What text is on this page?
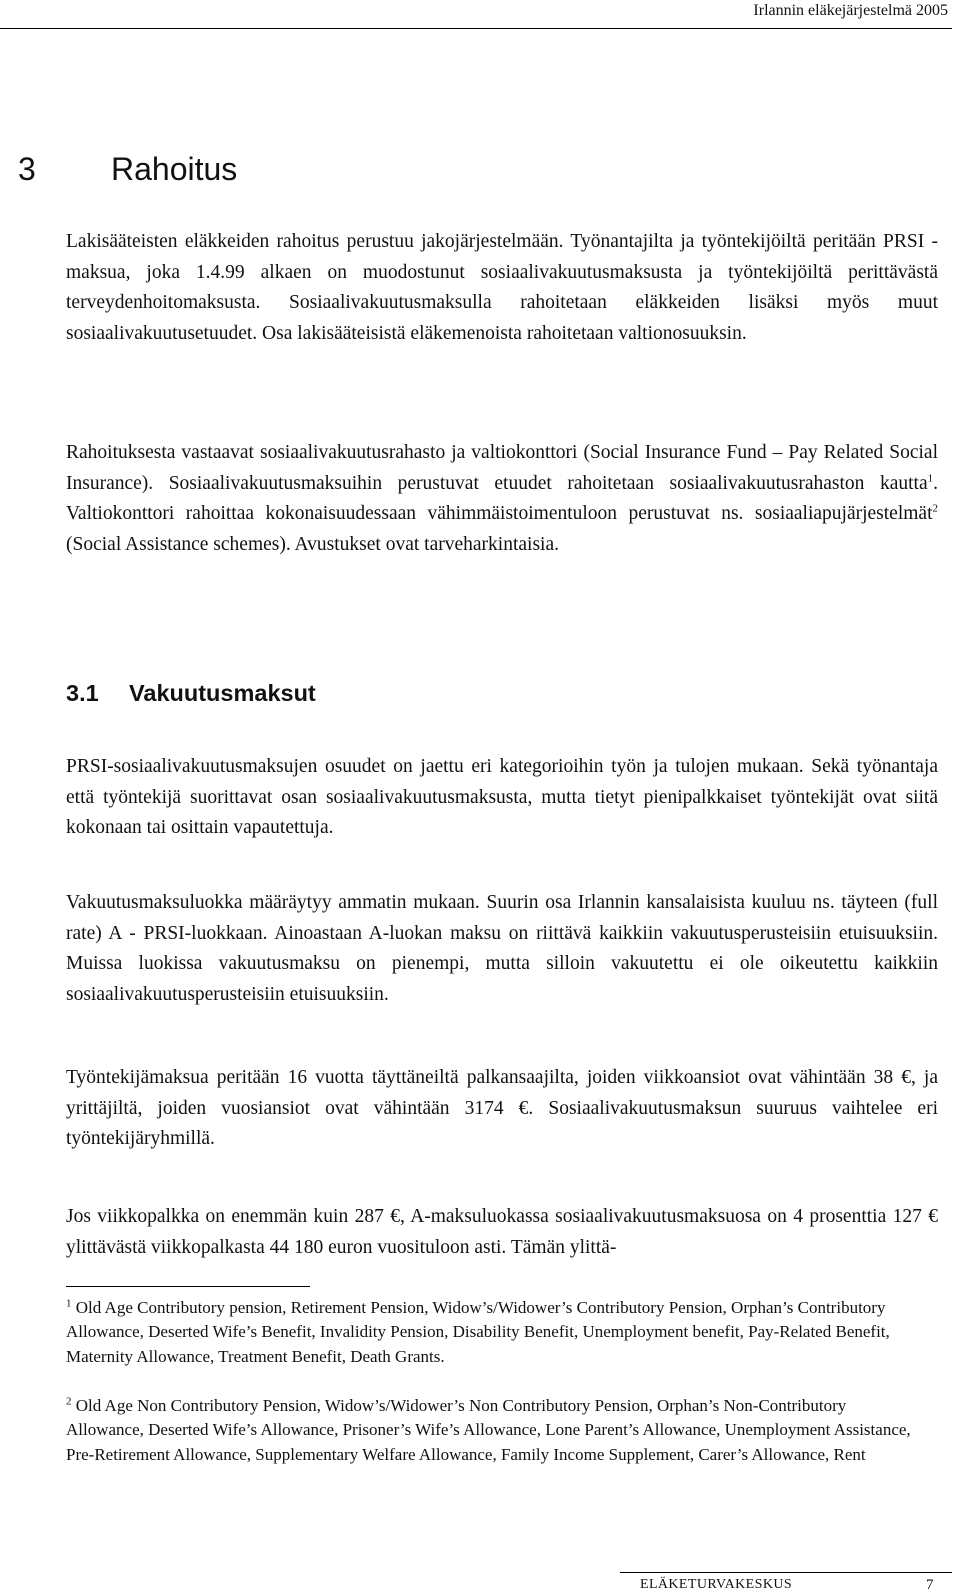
Irlannin eläkejärjestelmä 2005
3 Rahoitus

Lakisääteisten eläkkeiden rahoitus perustuu jakojärjestelmään. Työnantajilta ja työntekijöiltä peritään PRSI -maksua, joka 1.4.99 alkaen on muodostunut sosiaalivakuutusmaksusta ja työntekijöiltä perittävästä terveydenhoitomaksusta. Sosiaalivakuutusmaksulla rahoitetaan eläkkeiden lisäksi myös muut sosiaalivakuutusetuudet. Osa lakisääteisistä eläkemenoista rahoitetaan valtionosuuksin.

Rahoituksesta vastaavat sosiaalivakuutusrahasto ja valtiokonttori (Social Insurance Fund – Pay Related Social Insurance). Sosiaalivakuutusmaksuihin perustuvat etuudet rahoitetaan sosiaalivakuutusrahaston kautta$^1$. Valtiokonttori rahoittaa kokonaisuudessaan vähimmäistoimentuloon perustuvat ns. sosiaaliapujärjestelmät$^2$ (Social Assistance schemes). Avustukset ovat tarveharkintaisia.

3.1 Vakuutusmaksut

PRSI-sosiaalivakuutusmaksujen osuudet on jaettu eri kategorioihin työn ja tulojen mukaan. Sekä työnantaja että työntekijä suorittavat osan sosiaalivakuutusmaksusta, mutta tietyt pienipalkkaiset työntekijät ovat siitä kokonaan tai osittain vapautettuja.

Vakuutusmaksuluokka määräytyy ammatin mukaan. Suurin osa Irlannin kansalaisista kuuluu ns. täyteen (full rate) A - PRSI-luokkaan. Ainoastaan A-luokan maksu on riittävä kaikkiin vakuutusperusteisiin etuisuuksiin. Muissa luokissa vakuutusmaksu on pienempi, mutta silloin vakuutettu ei ole oikeutettu kaikkiin sosiaalivakuutusperusteisiin etuisuuksiin.

Työntekijämaksua peritään 16 vuotta täyttäneiltä palkansaajilta, joiden viikkoansiot ovat vähintään 38 €, ja yrittäjiltä, joiden vuosiansiot ovat vähintään 3174 €. Sosiaalivakuutusmaksun suuruus vaihtelee eri työntekijäryhmillä.

Jos viikkopalkka on enemmän kuin 287 €, A-maksuluokassa sosiaalivakuutusmaksuosa on 4 prosenttia 127 € ylittävästä viikkopalkasta 44 180 euron vuosituloon asti. Tämän ylittä-

$^1$ Old Age Contributory pension, Retirement Pension, Widow’s/Widower’s Contributory Pension, Orphan’s Contributory Allowance, Deserted Wife’s Benefit, Invalidity Pension, Disability Benefit, Unemployment benefit, Pay-Related Benefit, Maternity Allowance, Treatment Benefit, Death Grants.

$^2$ Old Age Non Contributory Pension, Widow’s/Widower’s Non Contributory Pension, Orphan’s Non-Contributory Allowance, Deserted Wife’s Allowance, Prisoner’s Wife’s Allowance, Lone Parent’s Allowance, Unemployment Assistance, Pre-Retirement Allowance, Supplementary Welfare Allowance, Family Income Supplement, Carer’s Allowance, Rent

ELÄKETURVAKESKUS	7
